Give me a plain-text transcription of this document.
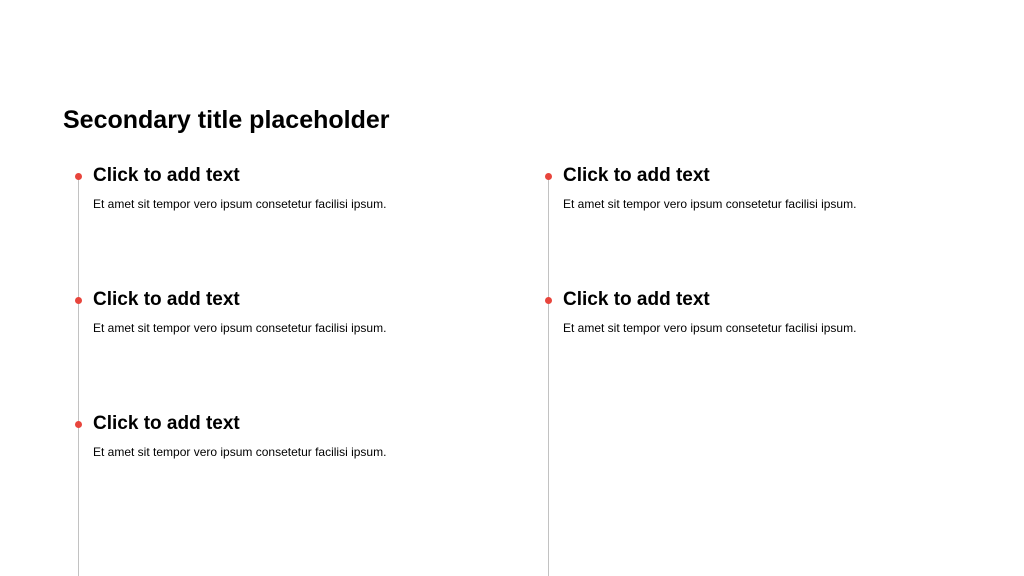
Secondary title placeholder

Click to add text

Et amet sit tempor vero ipsum consetetur facilisi ipsum.

Click to add text

Et amet sit tempor vero ipsum consetetur facilisi ipsum.

Click to add text

Et amet sit tempor vero ipsum consetetur facilisi ipsum.

Click to add text

Et amet sit tempor vero ipsum consetetur facilisi ipsum.

Click to add text

Et amet sit tempor vero ipsum consetetur facilisi ipsum.
